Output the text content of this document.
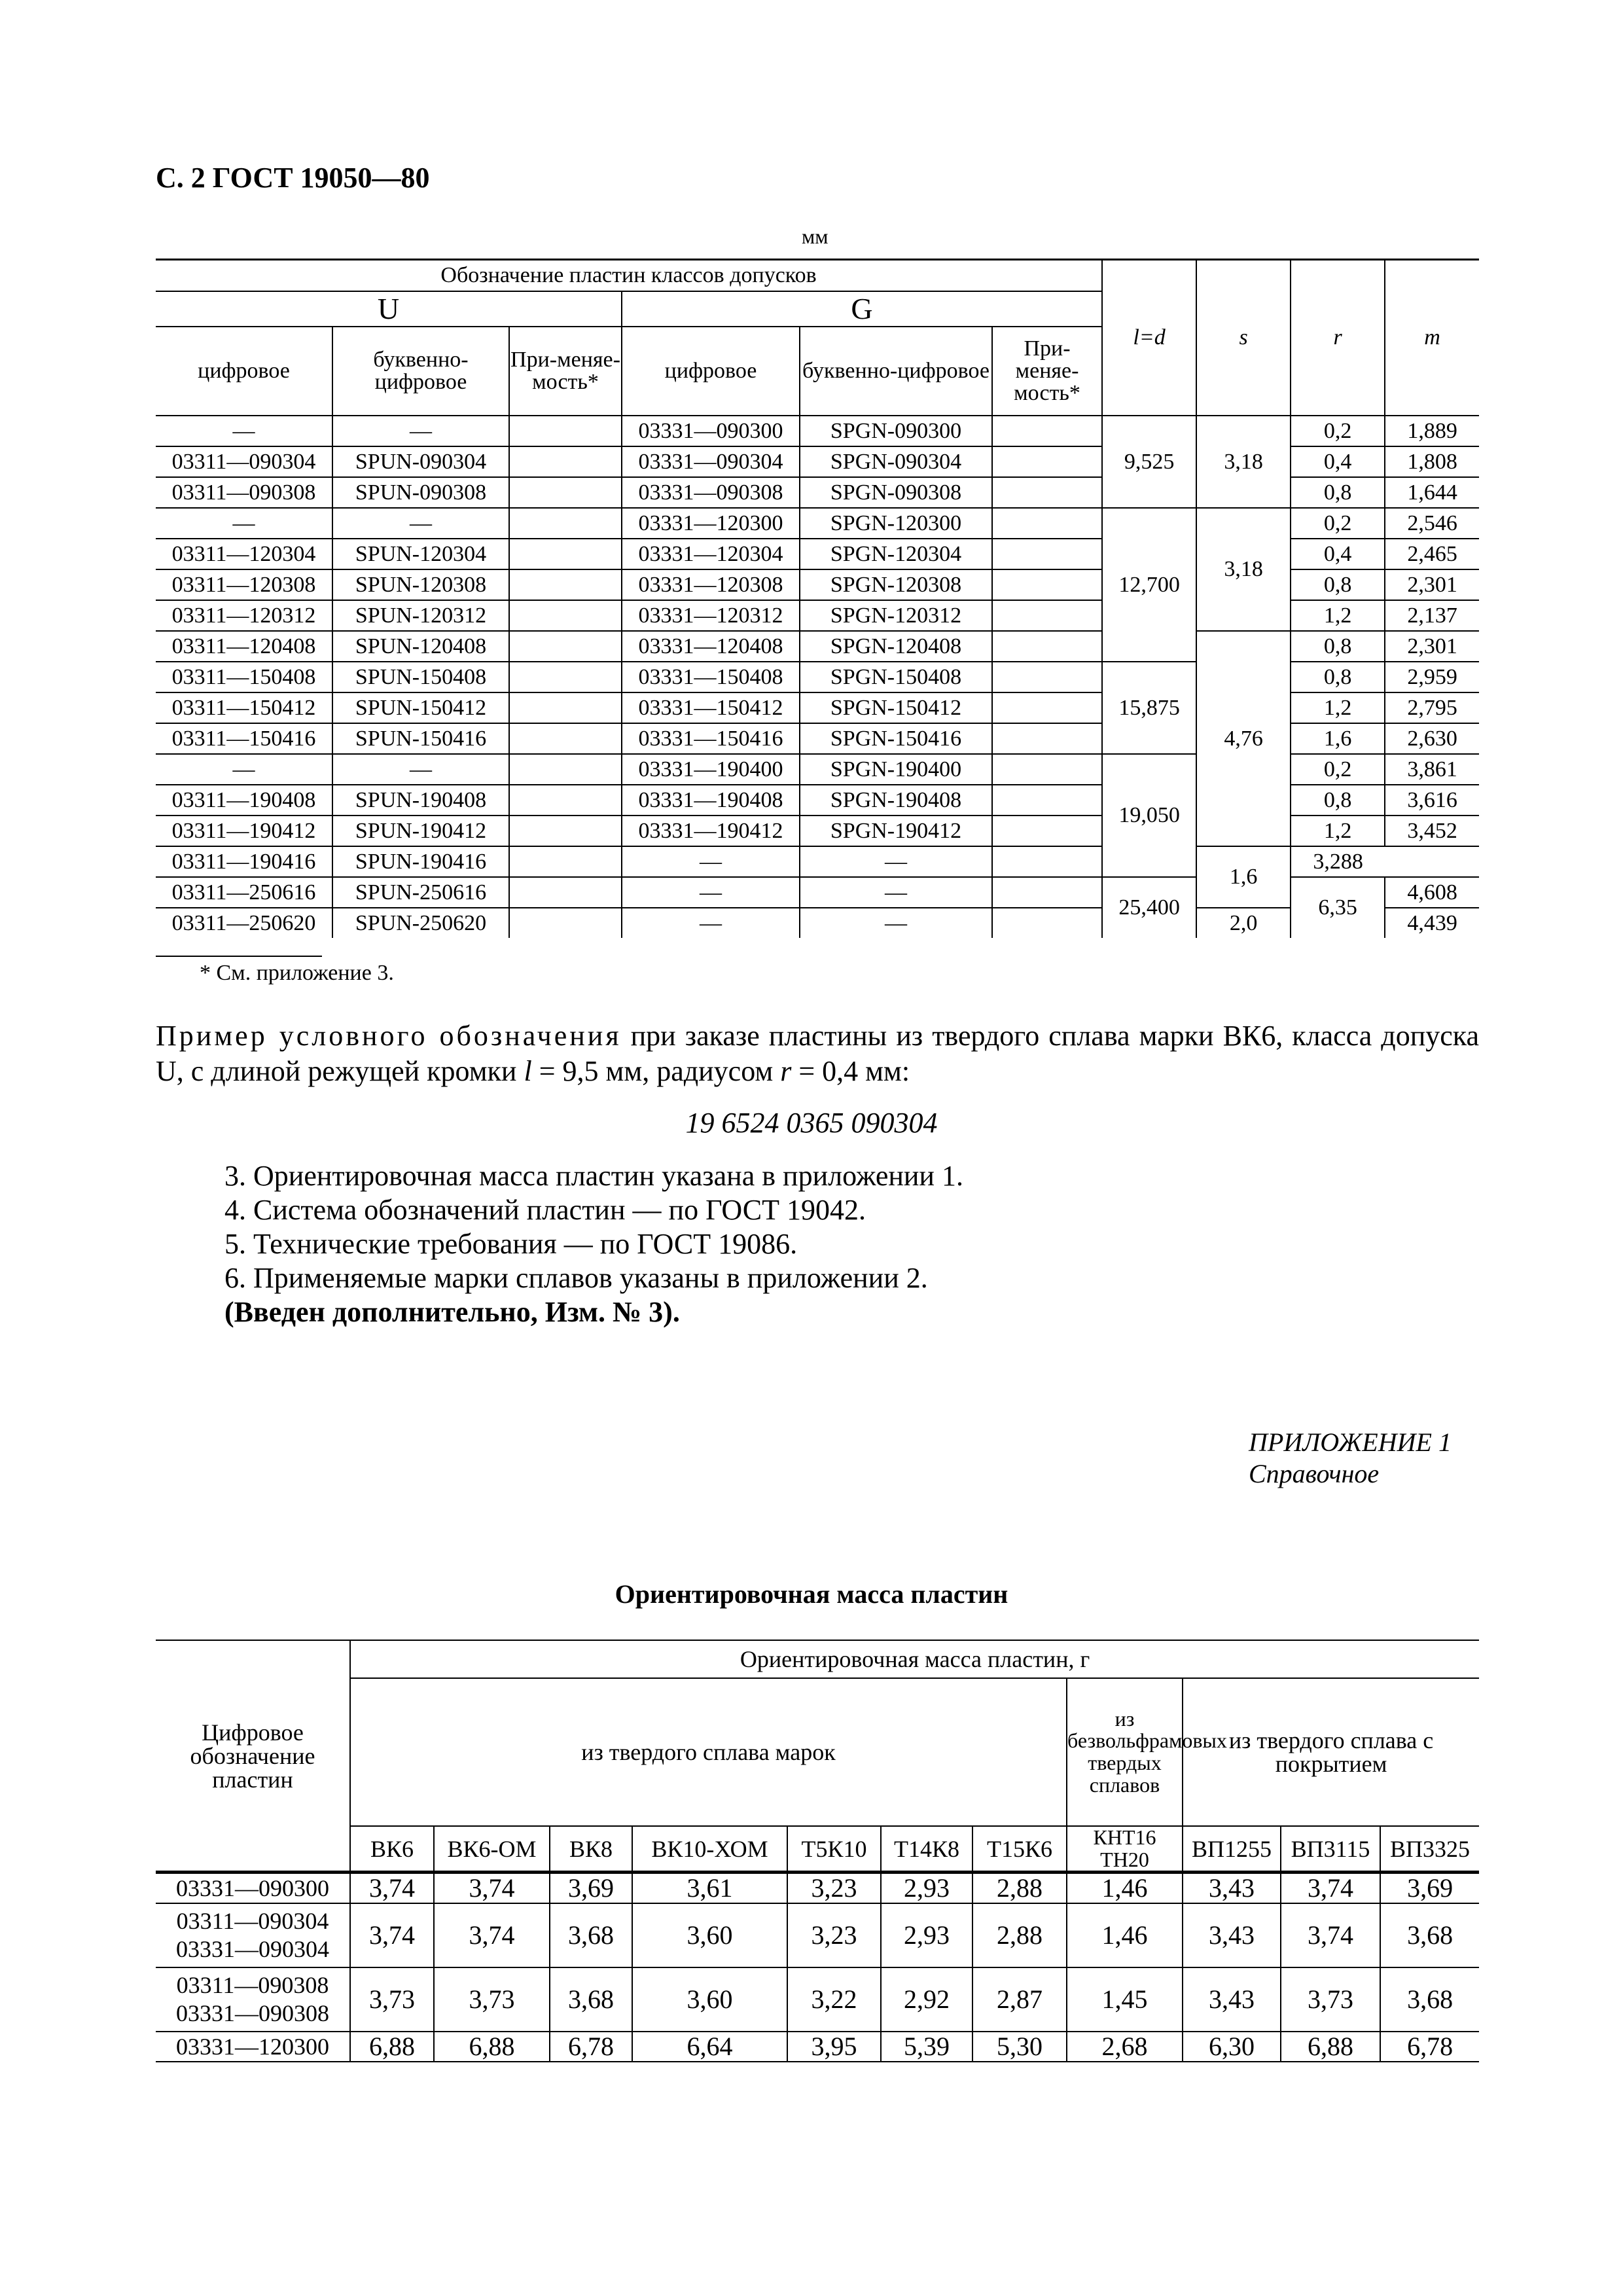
С. 2 ГОСТ 19050—80
мм
Обозначение пластин классов допусков						l=d	s	r	m
U			G						
цифровое	буквенно-цифровое	При-меняе-мость*	цифровое	буквенно-цифровое	При-меняе-мость*				
—	—		03331—090300	SPGN-090300		9,525	3,18	0,2	1,889
03311—090304	SPUN-090304		03331—090304	SPGN-090304				0,4	1,808
03311—090308	SPUN-090308		03331—090308	SPGN-090308				0,8	1,644
—	—		03331—120300	SPGN-120300		12,700	3,18	0,2	2,546
03311—120304	SPUN-120304		03331—120304	SPGN-120304				0,4	2,465
03311—120308	SPUN-120308		03331—120308	SPGN-120308				0,8	2,301
03311—120312	SPUN-120312		03331—120312	SPGN-120312				1,2	2,137
03311—120408	SPUN-120408		03331—120408	SPGN-120408			4,76	0,8	2,301
03311—150408	SPUN-150408		03331—150408	SPGN-150408		15,875		0,8	2,959
03311—150412	SPUN-150412		03331—150412	SPGN-150412				1,2	2,795
03311—150416	SPUN-150416		03331—150416	SPGN-150416				1,6	2,630
—	—		03331—190400	SPGN-190400		19,050		0,2	3,861
03311—190408	SPUN-190408		03331—190408	SPGN-190408				0,8	3,616
03311—190412	SPUN-190412		03331—190412	SPGN-190412				1,2	3,452
03311—190416	SPUN-190416		—	—			1,6	3,288	
03311—250616	SPUN-250616		—	—		25,400		6,35	4,608
03311—250620	SPUN-250620		—	—			2,0		4,439
* См. приложение 3.
Пример условного обозначения при заказе пластины из твердого сплава марки ВК6, класса допуска U, с длиной режущей кромки l = 9,5 мм, радиусом r = 0,4 мм:
19 6524 0365 090304
3. Ориентировочная масса пластин указана в приложении 1.
4. Система обозначений пластин — по ГОСТ 19042.
5. Технические требования — по ГОСТ 19086.
6. Применяемые марки сплавов указаны в приложении 2.
(Введен дополнительно, Изм. № 3).
ПРИЛОЖЕНИЕ 1
Справочное
Ориентировочная масса пластин
Цифровое обозначение пластин	Ориентировочная масса пластин, г										
	из твердого сплава марок							из безвольфрамовых твердых сплавов	из твердого сплава с покрытием		
	ВК6	ВК6-ОМ	ВК8	ВК10-ХОМ	Т5К10	Т14К8	Т15К6	КНТ16 ТН20	ВП1255	ВП3115	ВП3325
03331—090300	3,74	3,74	3,69	3,61	3,23	2,93	2,88	1,46	3,43	3,74	3,69

03311—090304
03331—090304	3,74	3,74	3,68	3,60	3,23	2,93	2,88	1,46	3,43	3,74	3,68

03311—090308
03331—090308	3,73	3,73	3,68	3,60	3,22	2,92	2,87	1,45	3,43	3,73	3,68
03331—120300	6,88	6,88	6,78	6,64	3,95	5,39	5,30	2,68	6,30	6,88	6,78
